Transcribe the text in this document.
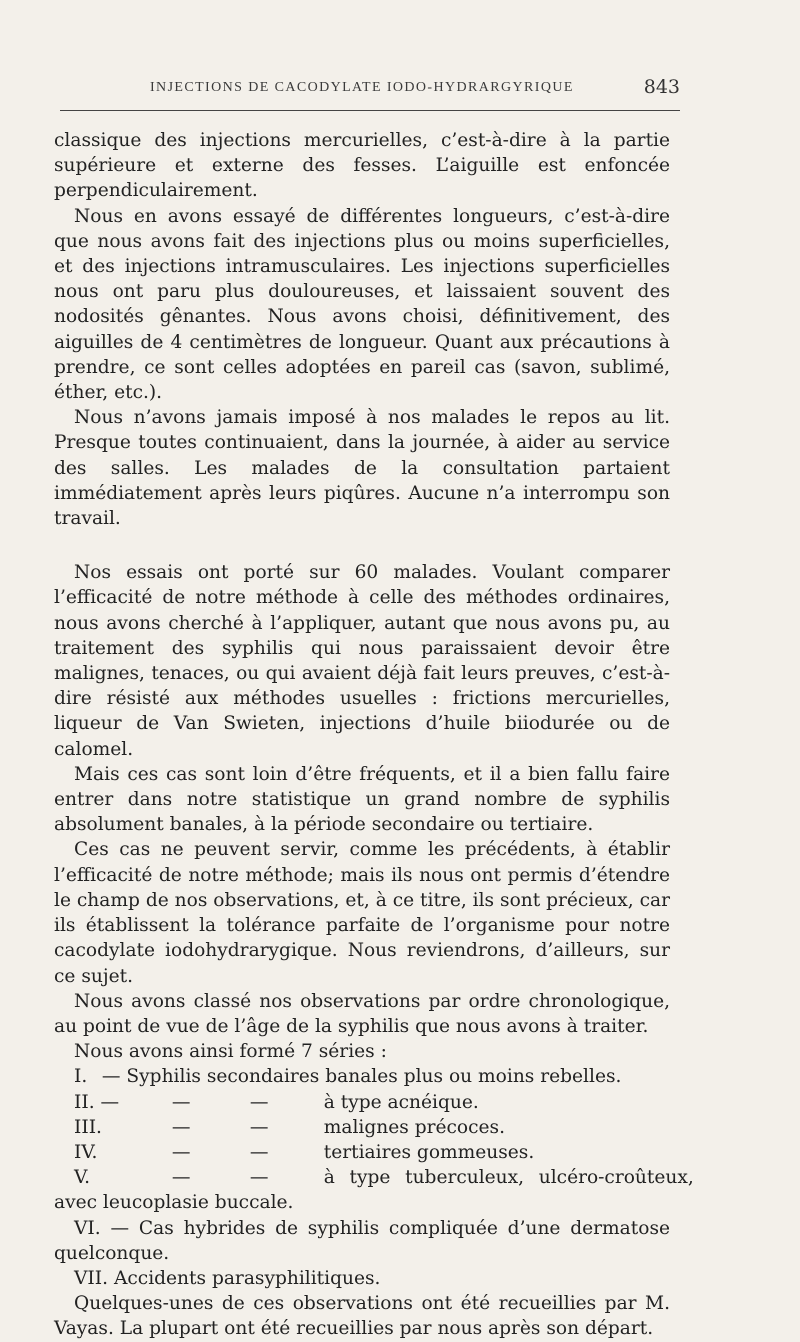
INJECTIONS DE CACODYLATE IODO-HYDRARGYRIQUE	843

classique des injections mercurielles, c’est-à-dire à la partie supérieure et externe des fesses. L’aiguille est enfoncée perpendiculairement.

Nous en avons essayé de différentes longueurs, c’est-à-dire que nous avons fait des injections plus ou moins superficielles, et des injections intramusculaires. Les injections superficielles nous ont paru plus douloureuses, et laissaient souvent des nodosités gênantes. Nous avons choisi, définitivement, des aiguilles de 4 centimètres de longueur. Quant aux précautions à prendre, ce sont celles adoptées en pareil cas (savon, sublimé, éther, etc.).

Nous n’avons jamais imposé à nos malades le repos au lit. Presque toutes continuaient, dans la journée, à aider au service des salles. Les malades de la consultation partaient immédiatement après leurs piqûres. Aucune n’a interrompu son travail.

Nos essais ont porté sur 60 malades. Voulant comparer l’efficacité de notre méthode à celle des méthodes ordinaires, nous avons cherché à l’appliquer, autant que nous avons pu, au traitement des syphilis qui nous paraissaient devoir être malignes, tenaces, ou qui avaient déjà fait leurs preuves, c’est-à-dire résisté aux méthodes usuelles : frictions mercurielles, liqueur de Van Swieten, injections d’huile biiodurée ou de calomel.

Mais ces cas sont loin d’être fréquents, et il a bien fallu faire entrer dans notre statistique un grand nombre de syphilis absolument banales, à la période secondaire ou tertiaire.

Ces cas ne peuvent servir, comme les précédents, à établir l’efficacité de notre méthode; mais ils nous ont permis d’étendre le champ de nos observations, et, à ce titre, ils sont précieux, car ils établissent la tolérance parfaite de l’organisme pour notre cacodylate iodohydrarygique. Nous reviendrons, d’ailleurs, sur ce sujet.

Nous avons classé nos observations par ordre chronologique, au point de vue de l’âge de la syphilis que nous avons à traiter.

Nous avons ainsi formé 7 séries :

I. — Syphilis secondaires banales plus ou moins rebelles.

II. —	—	—	à type acnéique.

III.	—	—	malignes précoces.

IV.	—	—	tertiaires gommeuses.

V.	—	—	à type tuberculeux, ulcéro-croûteux,

avec leucoplasie buccale.

VI. — Cas hybrides de syphilis compliquée d’une dermatose quelconque.

VII. Accidents parasyphilitiques.

Quelques-unes de ces observations ont été recueillies par M. Vayas. La plupart ont été recueillies par nous après son départ.
